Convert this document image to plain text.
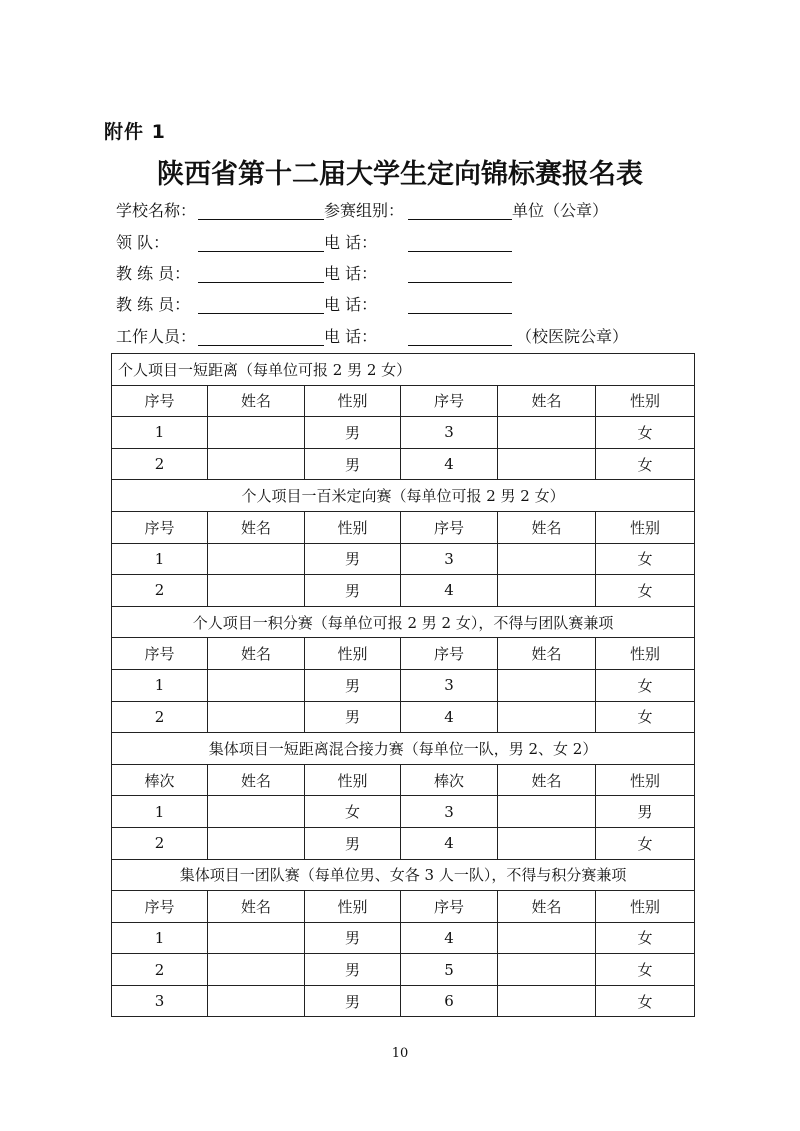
附件 1
陕西省第十二届大学生定向锦标赛报名表
学校名称：	参赛组别：	单位（公章）
领 队：	电 话：
教 练 员：	电 话：
教 练 员：	电 话：
工作人员：	电 话：	（校医院公章）
个人项目一短距离（每单位可报 2 男 2 女）					
序号	姓名	性别	序号	姓名	性别
1		男	3		女
2		男	4		女
个人项目一百米定向赛（每单位可报 2 男 2 女）					
序号	姓名	性别	序号	姓名	性别
1		男	3		女
2		男	4		女
个人项目一积分赛（每单位可报 2 男 2 女），不得与团队赛兼项					
序号	姓名	性别	序号	姓名	性别
1		男	3		女
2		男	4		女
集体项目一短距离混合接力赛（每单位一队，男 2、女 2）					
棒次	姓名	性别	棒次	姓名	性别
1		女	3		男
2		男	4		女
集体项目一团队赛（每单位男、女各 3 人一队），不得与积分赛兼项					
序号	姓名	性别	序号	姓名	性别
1		男	4		女
2		男	5		女
3		男	6		女
10
